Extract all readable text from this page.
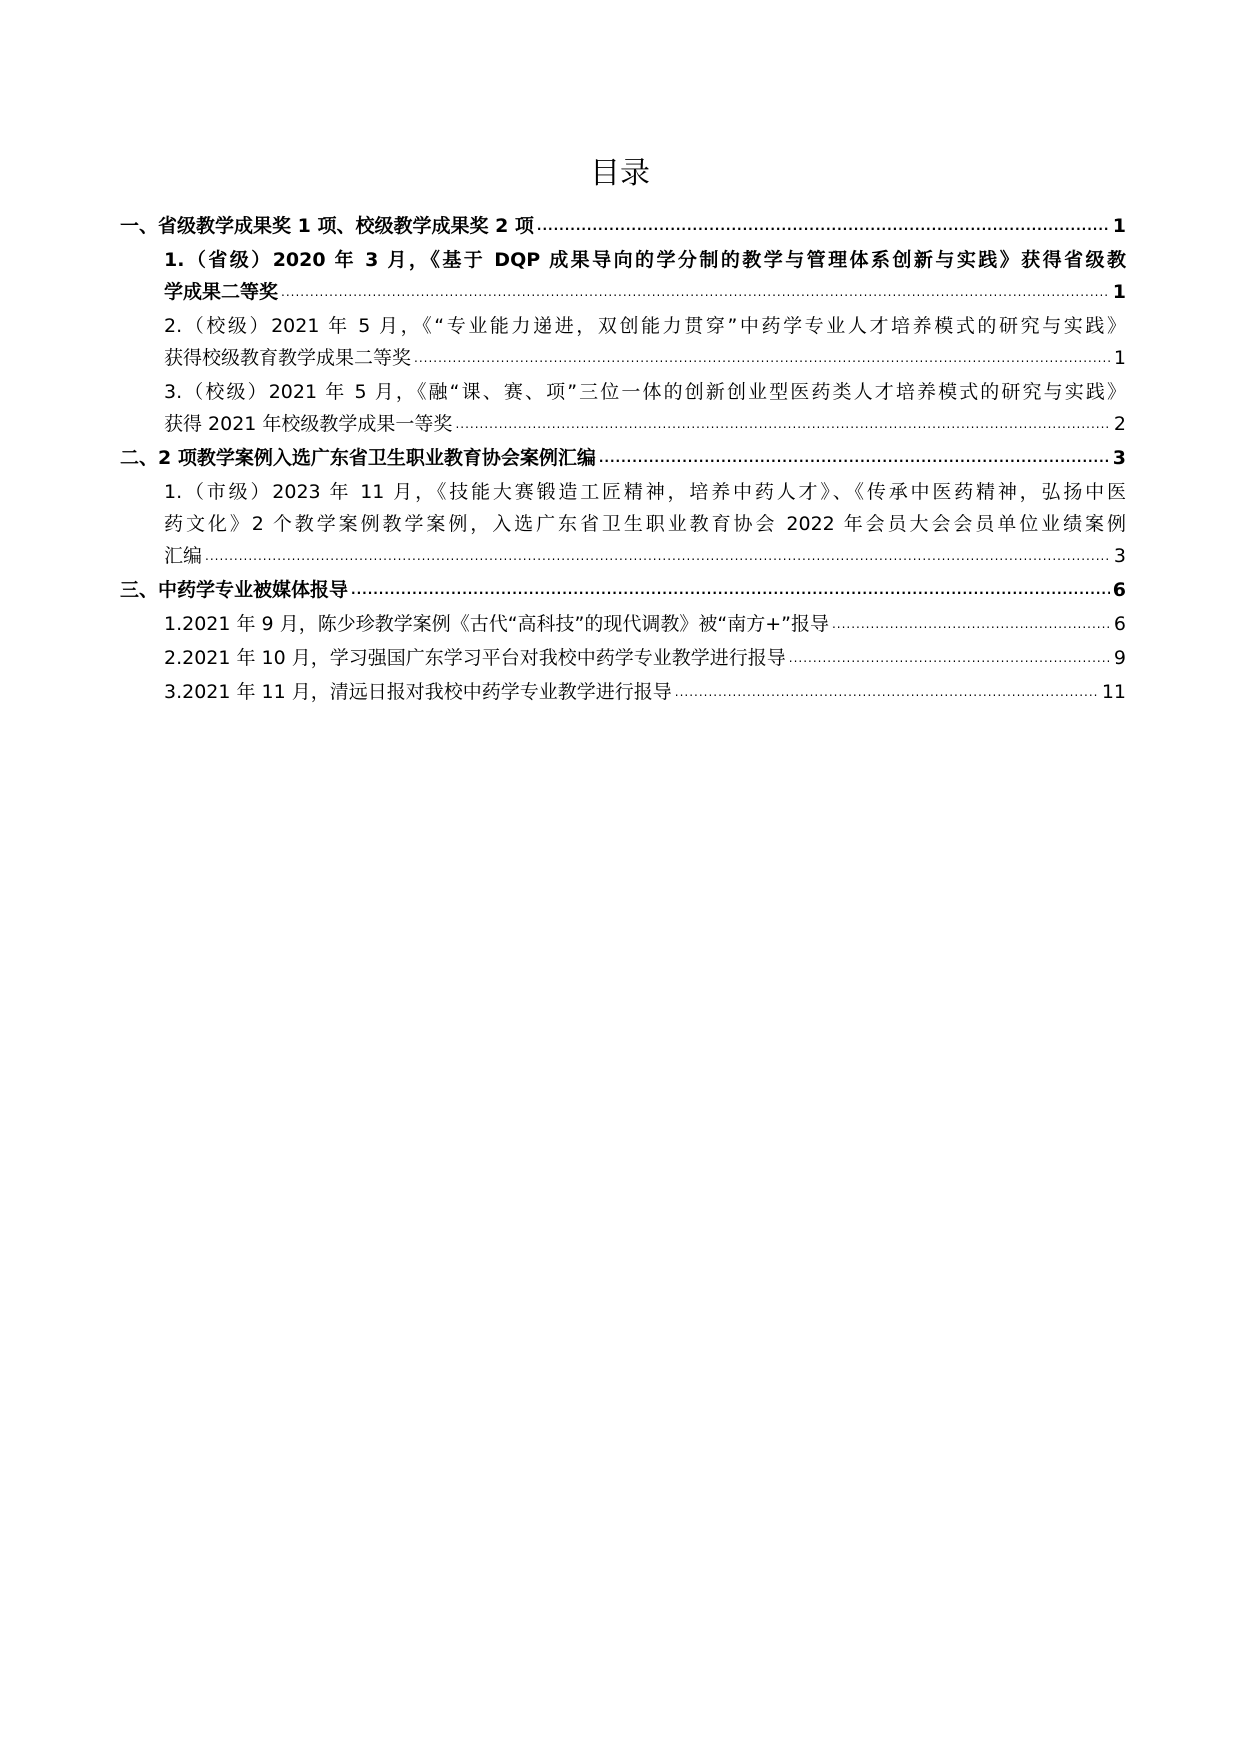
目录
一、省级教学成果奖 1 项、校级教学成果奖 2 项 .....	1
1.（省级）2020 年 3 月，《基于 DQP 成果导向的学分制的教学与管理体系创新与实践》获得省级教
学成果二等奖 .....	1
2.（校级）2021 年 5 月，《“专业能力递进，双创能力贯穿”中药学专业人才培养模式的研究与实践》
获得校级教育教学成果二等奖 .....	1
3.（校级）2021 年 5 月，《融“课、赛、项”三位一体的创新创业型医药类人才培养模式的研究与实践》
获得 2021 年校级教学成果一等奖 .....	2
二、2 项教学案例入选广东省卫生职业教育协会案例汇编 .....	3
1.（市级）2023 年 11 月，《技能大赛锻造工匠精神，培养中药人才》、《传承中医药精神，弘扬中医
药文化》2 个教学案例教学案例，入选广东省卫生职业教育协会 2022 年会员大会会员单位业绩案例
汇编 .....	3
三、中药学专业被媒体报导 .....	6
1.2021 年 9 月，陈少珍教学案例《古代“高科技”的现代调教》被“南方+”报导 .....	6
2.2021 年 10 月，学习强国广东学习平台对我校中药学专业教学进行报导 .....	9
3.2021 年 11 月，清远日报对我校中药学专业教学进行报导 .....	11
